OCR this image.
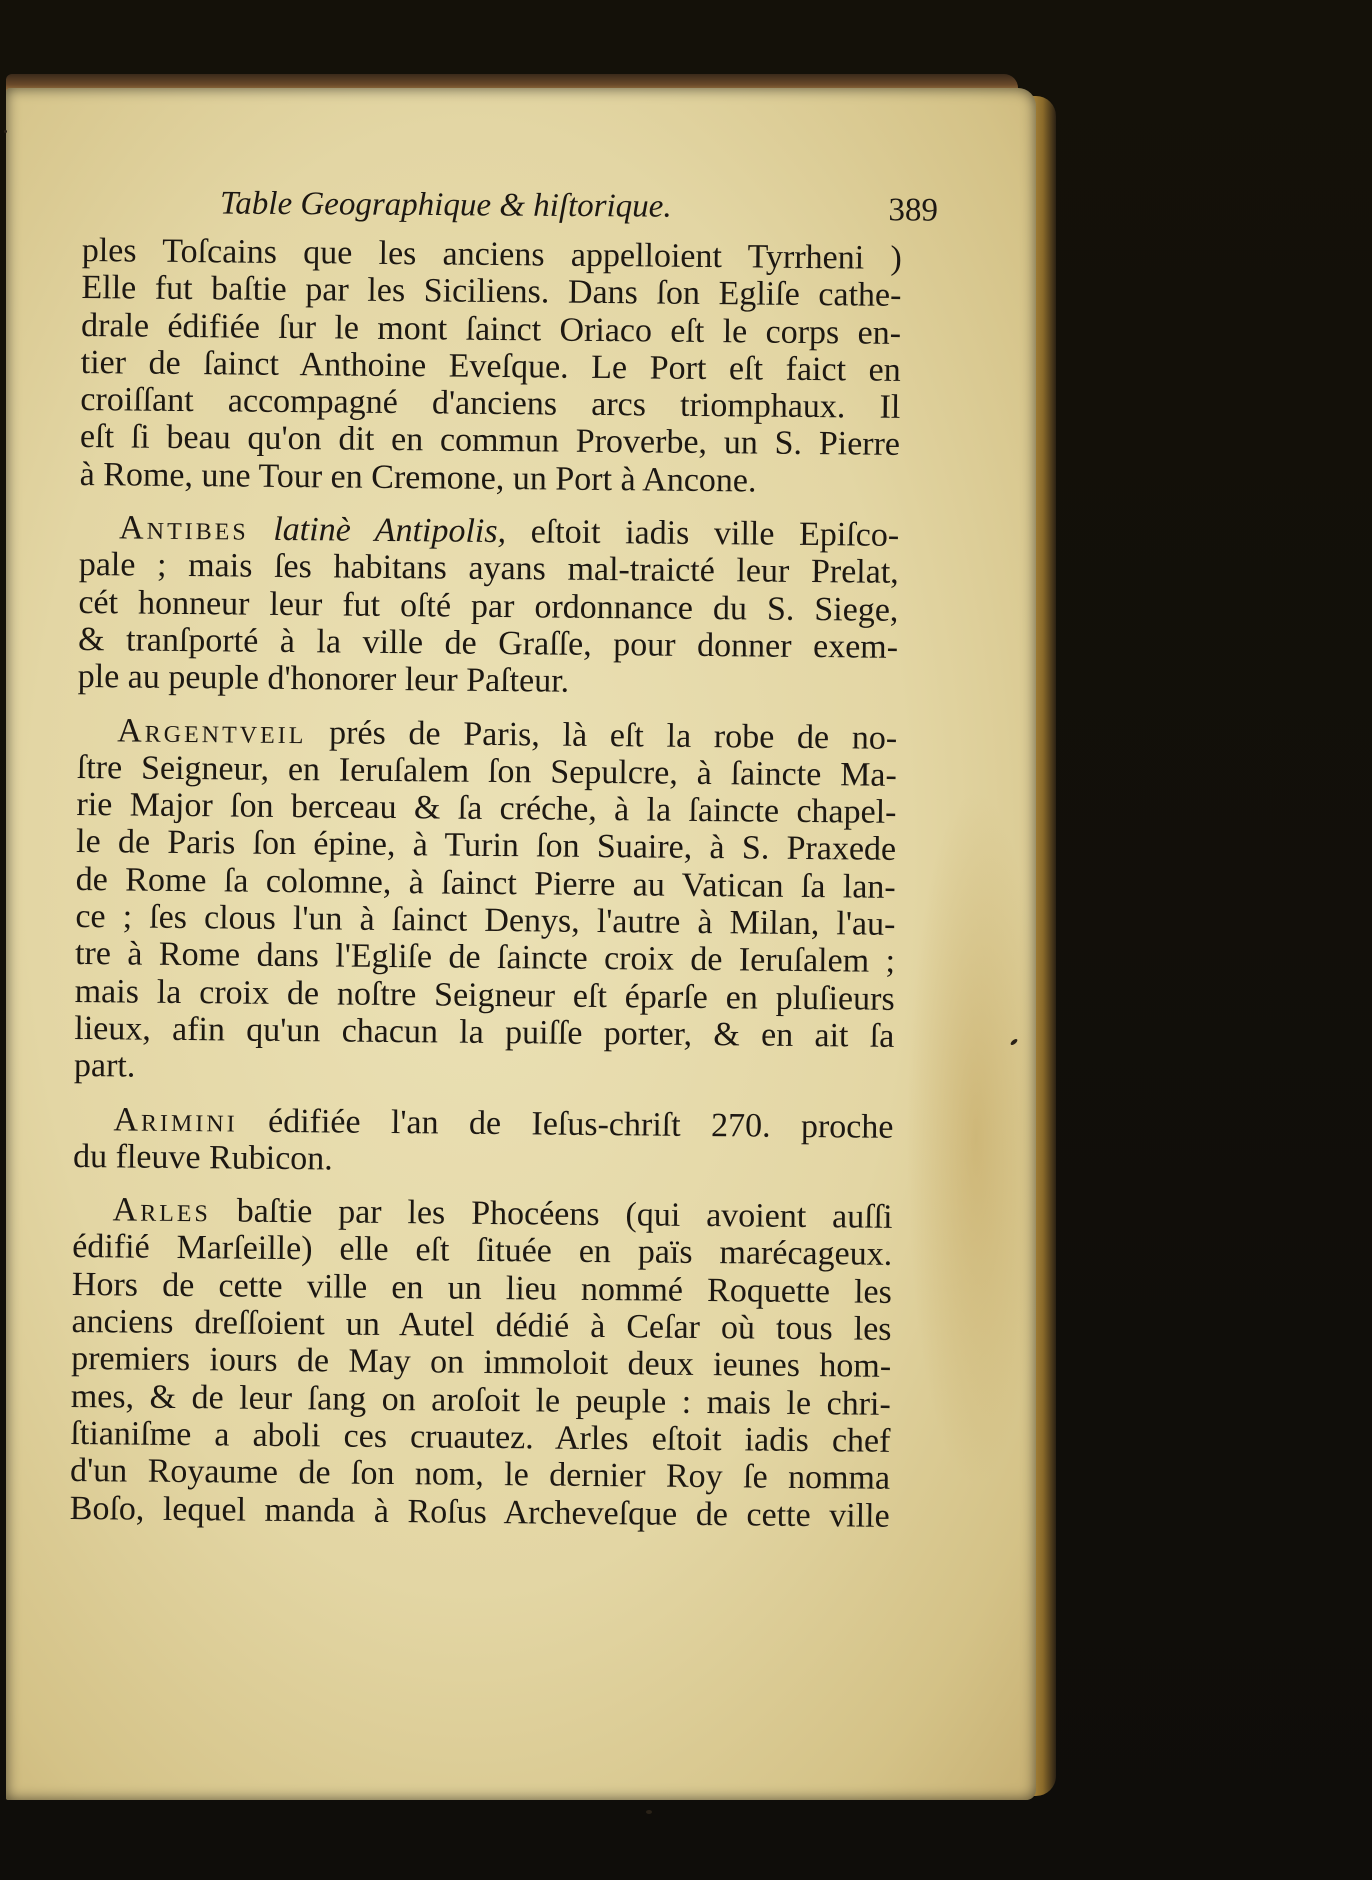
Table Geographique & hiſtorique.	389
ples Toſcains que les anciens appelloient Tyrrheni )
Elle fut baſtie par les Siciliens. Dans ſon Egliſe cathe-
drale édifiée ſur le mont ſainct Oriaco eſt le corps en-
tier de ſainct Anthoine Eveſque. Le Port eſt faict en
croiſſant accompagné d'anciens arcs triomphaux. Il
eſt ſi beau qu'on dit en commun Proverbe, un S. Pierre
à Rome, une Tour en Cremone, un Port à Ancone.
Antibes latinè Antipolis, eſtoit iadis ville Epiſco-
pale ; mais ſes habitans ayans mal-traicté leur Prelat,
cét honneur leur fut oſté par ordonnance du S. Siege,
& tranſporté à la ville de Graſſe, pour donner exem-
ple au peuple d'honorer leur Paſteur.
Argentveil prés de Paris, là eſt la robe de no-
ſtre Seigneur, en Ieruſalem ſon Sepulcre, à ſaincte Ma-
rie Major ſon berceau & ſa créche, à la ſaincte chapel-
le de Paris ſon épine, à Turin ſon Suaire, à S. Praxede
de Rome ſa colomne, à ſainct Pierre au Vatican ſa lan-
ce ; ſes clous l'un à ſainct Denys, l'autre à Milan, l'au-
tre à Rome dans l'Egliſe de ſaincte croix de Ieruſalem ;
mais la croix de noſtre Seigneur eſt éparſe en pluſieurs
lieux, afin qu'un chacun la puiſſe porter, & en ait ſa
part.
Arimini édifiée l'an de Ieſus-chriſt 270. proche
du fleuve Rubicon.
Arles baſtie par les Phocéens (qui avoient auſſi
édifié Marſeille) elle eſt ſituée en païs marécageux.
Hors de cette ville en un lieu nommé Roquette les
anciens dreſſoient un Autel dédié à Ceſar où tous les
premiers iours de May on immoloit deux ieunes hom-
mes, & de leur ſang on aroſoit le peuple : mais le chri-
ſtianiſme a aboli ces cruautez. Arles eſtoit iadis chef
d'un Royaume de ſon nom, le dernier Roy ſe nomma
Boſo, lequel manda à Roſus Archeveſque de cette ville
